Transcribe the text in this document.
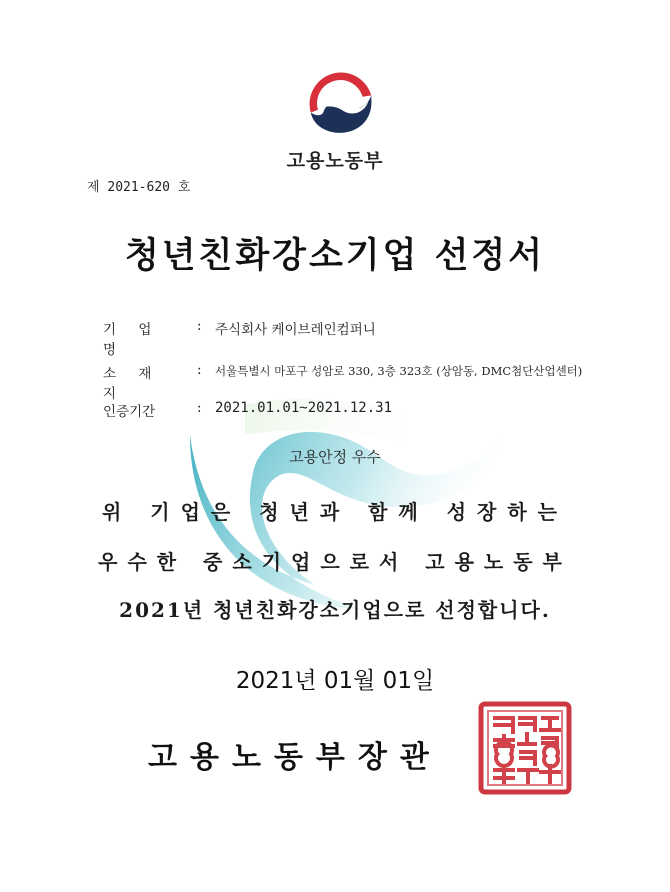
고용노동부
제 2021-620 호
청년친화강소기업 선정서
기 업 명
: 주식회사 케이브레인컴퍼니
소 재 지
: 서울특별시 마포구 성암로 330, 3층 323호 (상암동, DMC첨단산업센터)
인증기간	: 2021.01.01~2021.12.31
고용안정 우수
위 기업은 청년과 함께 성장하는
우수한 중소기업으로서 고용노동부
2021년 청년친화강소기업으로 선정합니다.
2021년 01월 01일
고용노동부장관
